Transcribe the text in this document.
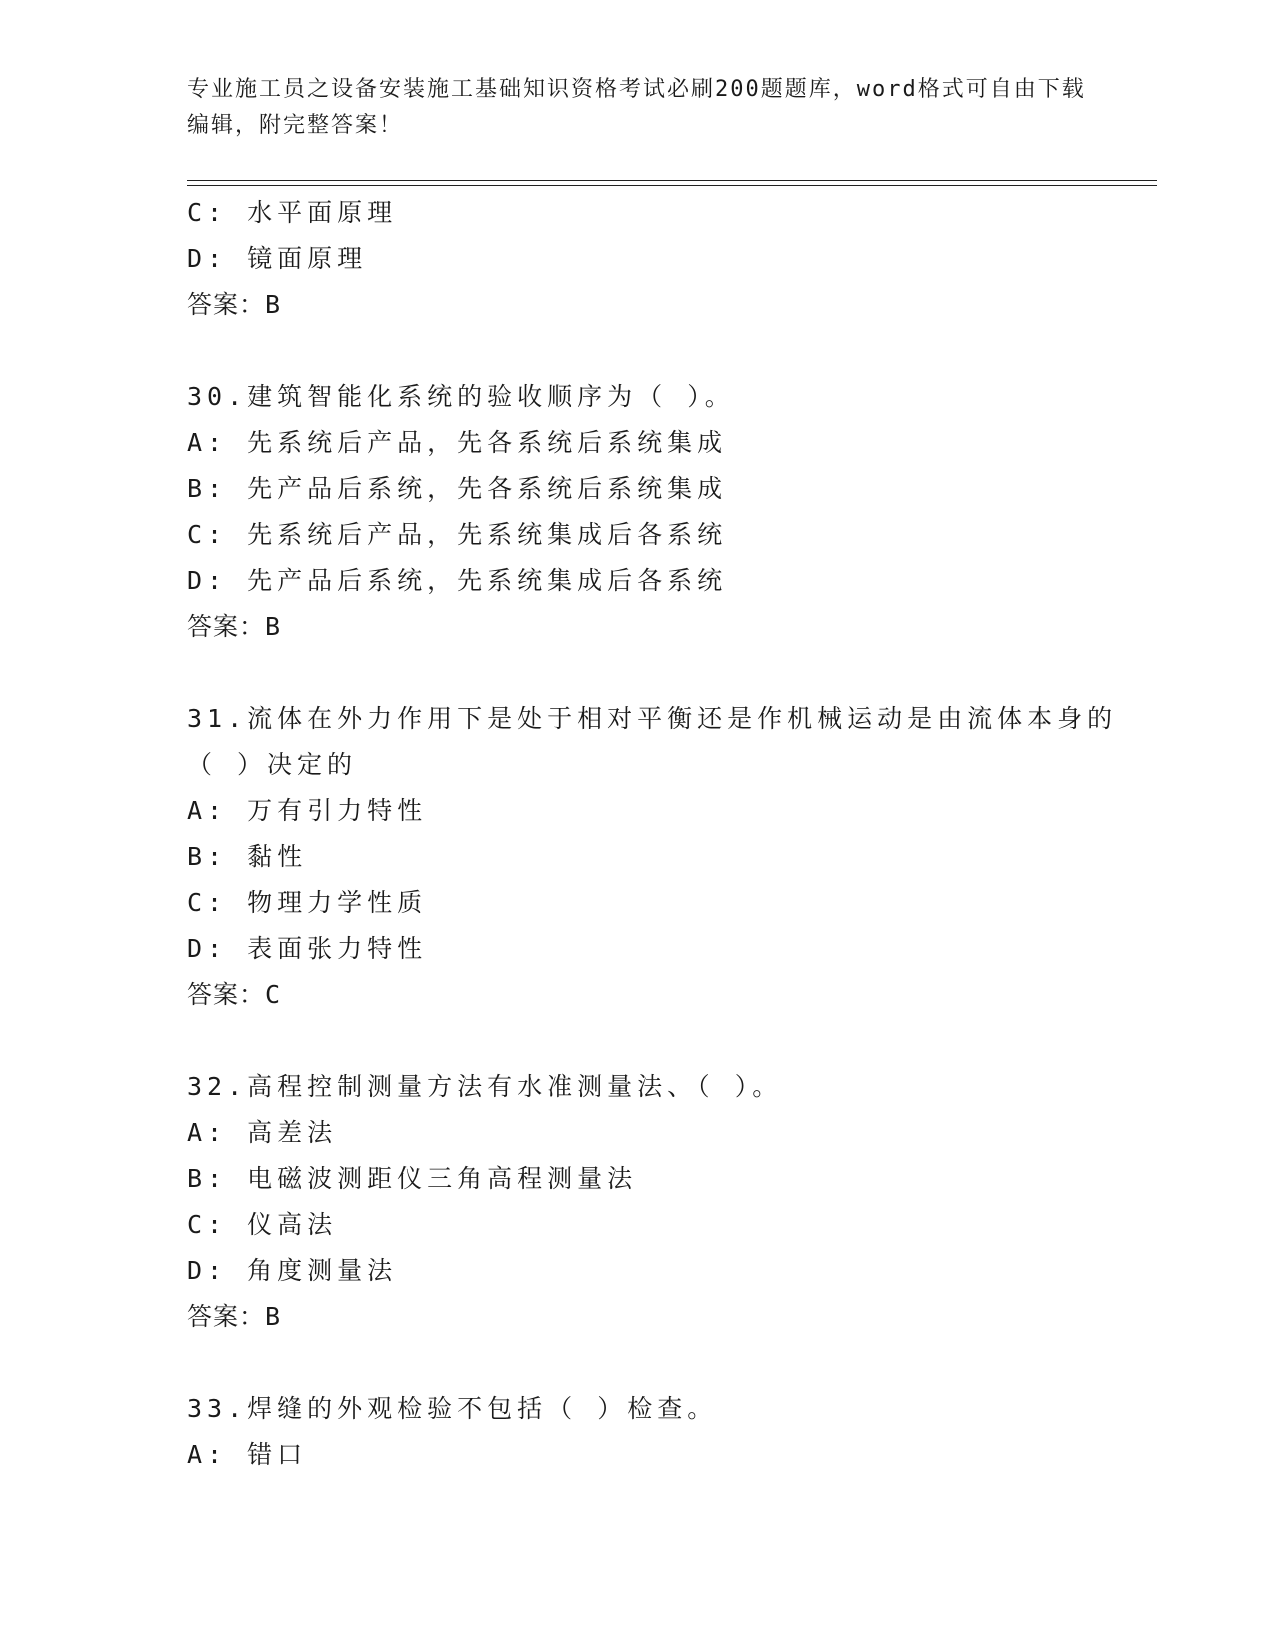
专业施工员之设备安装施工基础知识资格考试必刷200题题库，word格式可自由下载编辑，附完整答案！
C: 水平面原理
D: 镜面原理
答案：B
30.建筑智能化系统的验收顺序为（ ）。
A: 先系统后产品，先各系统后系统集成
B: 先产品后系统，先各系统后系统集成
C: 先系统后产品，先系统集成后各系统
D: 先产品后系统，先系统集成后各系统
答案：B
31.流体在外力作用下是处于相对平衡还是作机械运动是由流体本身的
（ ）决定的
A: 万有引力特性
B: 黏性
C: 物理力学性质
D: 表面张力特性
答案：C
32.高程控制测量方法有水准测量法、（ ）。
A: 高差法
B: 电磁波测距仪三角高程测量法
C: 仪高法
D: 角度测量法
答案：B
33.焊缝的外观检验不包括（ ）检查。
A: 错口
